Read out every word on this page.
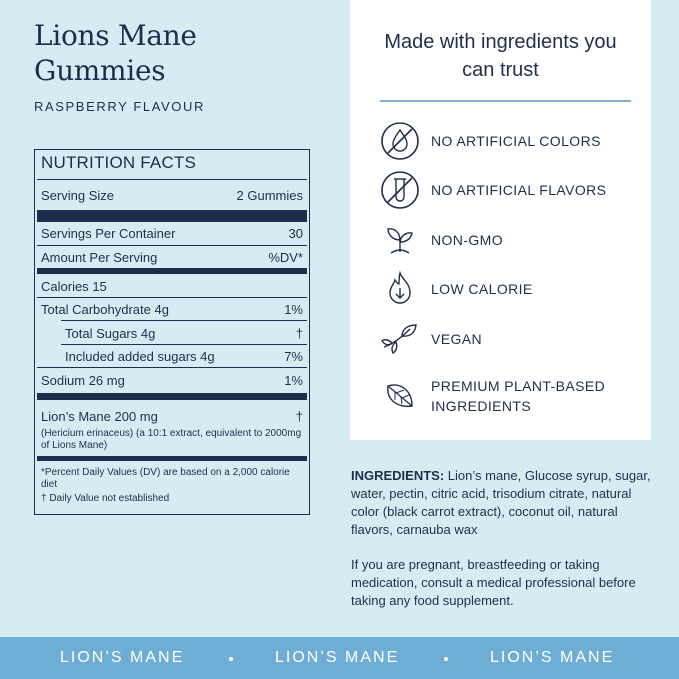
Lions Mane Gummies
RASPBERRY FLAVOUR
NUTRITION FACTS
Serving Size	2 Gummies
Servings Per Container	30
Amount Per Serving	%DV*
Calories 15
Total Carbohydrate 4g	1%
Total Sugars 4g	†
Included added sugars 4g	7%
Sodium 26 mg	1%
Lion’s Mane 200 mg	†
(Hericium erinaceus) (a 10:1 extract, equivalent to 2000mg of Lions Mane)
*Percent Daily Values (DV) are based on a 2,000 calorie diet
† Daily Value not established
Made with ingredients you can trust
NO ARTIFICIAL COLORS
NO ARTIFICIAL FLAVORS
NON-GMO
LOW CALORIE
VEGAN
PREMIUM PLANT-BASED INGREDIENTS
INGREDIENTS: Lion’s mane, Glucose syrup, sugar, water, pectin, citric acid, trisodium citrate, natural color (black carrot extract), coconut oil, natural flavors, carnauba wax
If you are pregnant, breastfeeding or taking medication, consult a medical professional before taking any food supplement.
LION’S MANE	LION’S MANE	LION’S MANE
